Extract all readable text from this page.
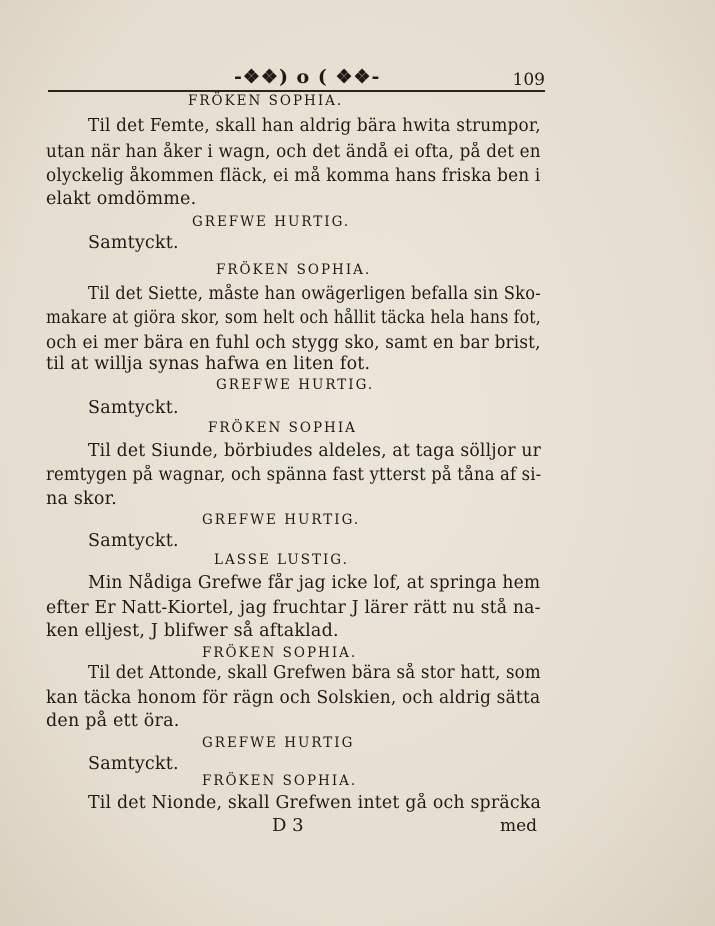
-❖❖) o ( ❖❖-	109
FRÖKEN SOPHIA.
Til det Femte, skall han aldrig bära hwita strumpor,
utan när han åker i wagn, och det ändå ei ofta, på det en
olyckelig åkommen fläck, ei må komma hans friska ben i
elakt omdömme.
GREFWE HURTIG.
Samtyckt.
FRÖKEN SOPHIA.
Til det Siette, måste han owägerligen befalla sin Sko-
makare at giöra skor, som helt och hållit täcka hela hans fot,
och ei mer bära en fuhl och stygg sko, samt en bar brist,
til at willja synas hafwa en liten fot.
GREFWE HURTIG.
Samtyckt.
FRÖKEN SOPHIA
Til det Siunde, börbiudes aldeles, at taga sölljor ur
remtygen på wagnar, och spänna fast ytterst på tåna af si-
na skor.
GREFWE HURTIG.
Samtyckt.
LASSE LUSTIG.
Min Nådiga Grefwe får jag icke lof, at springa hem
efter Er Natt-Kiortel, jag fruchtar J lärer rätt nu stå na-
ken elljest, J blifwer så aftaklad.
FRÖKEN SOPHIA.
Til det Attonde, skall Grefwen bära så stor hatt, som
kan täcka honom för rägn och Solskien, och aldrig sätta
den på ett öra.
GREFWE HURTIG
Samtyckt.
FRÖKEN SOPHIA.
Til det Nionde, skall Grefwen intet gå och spräcka
D 3	med
